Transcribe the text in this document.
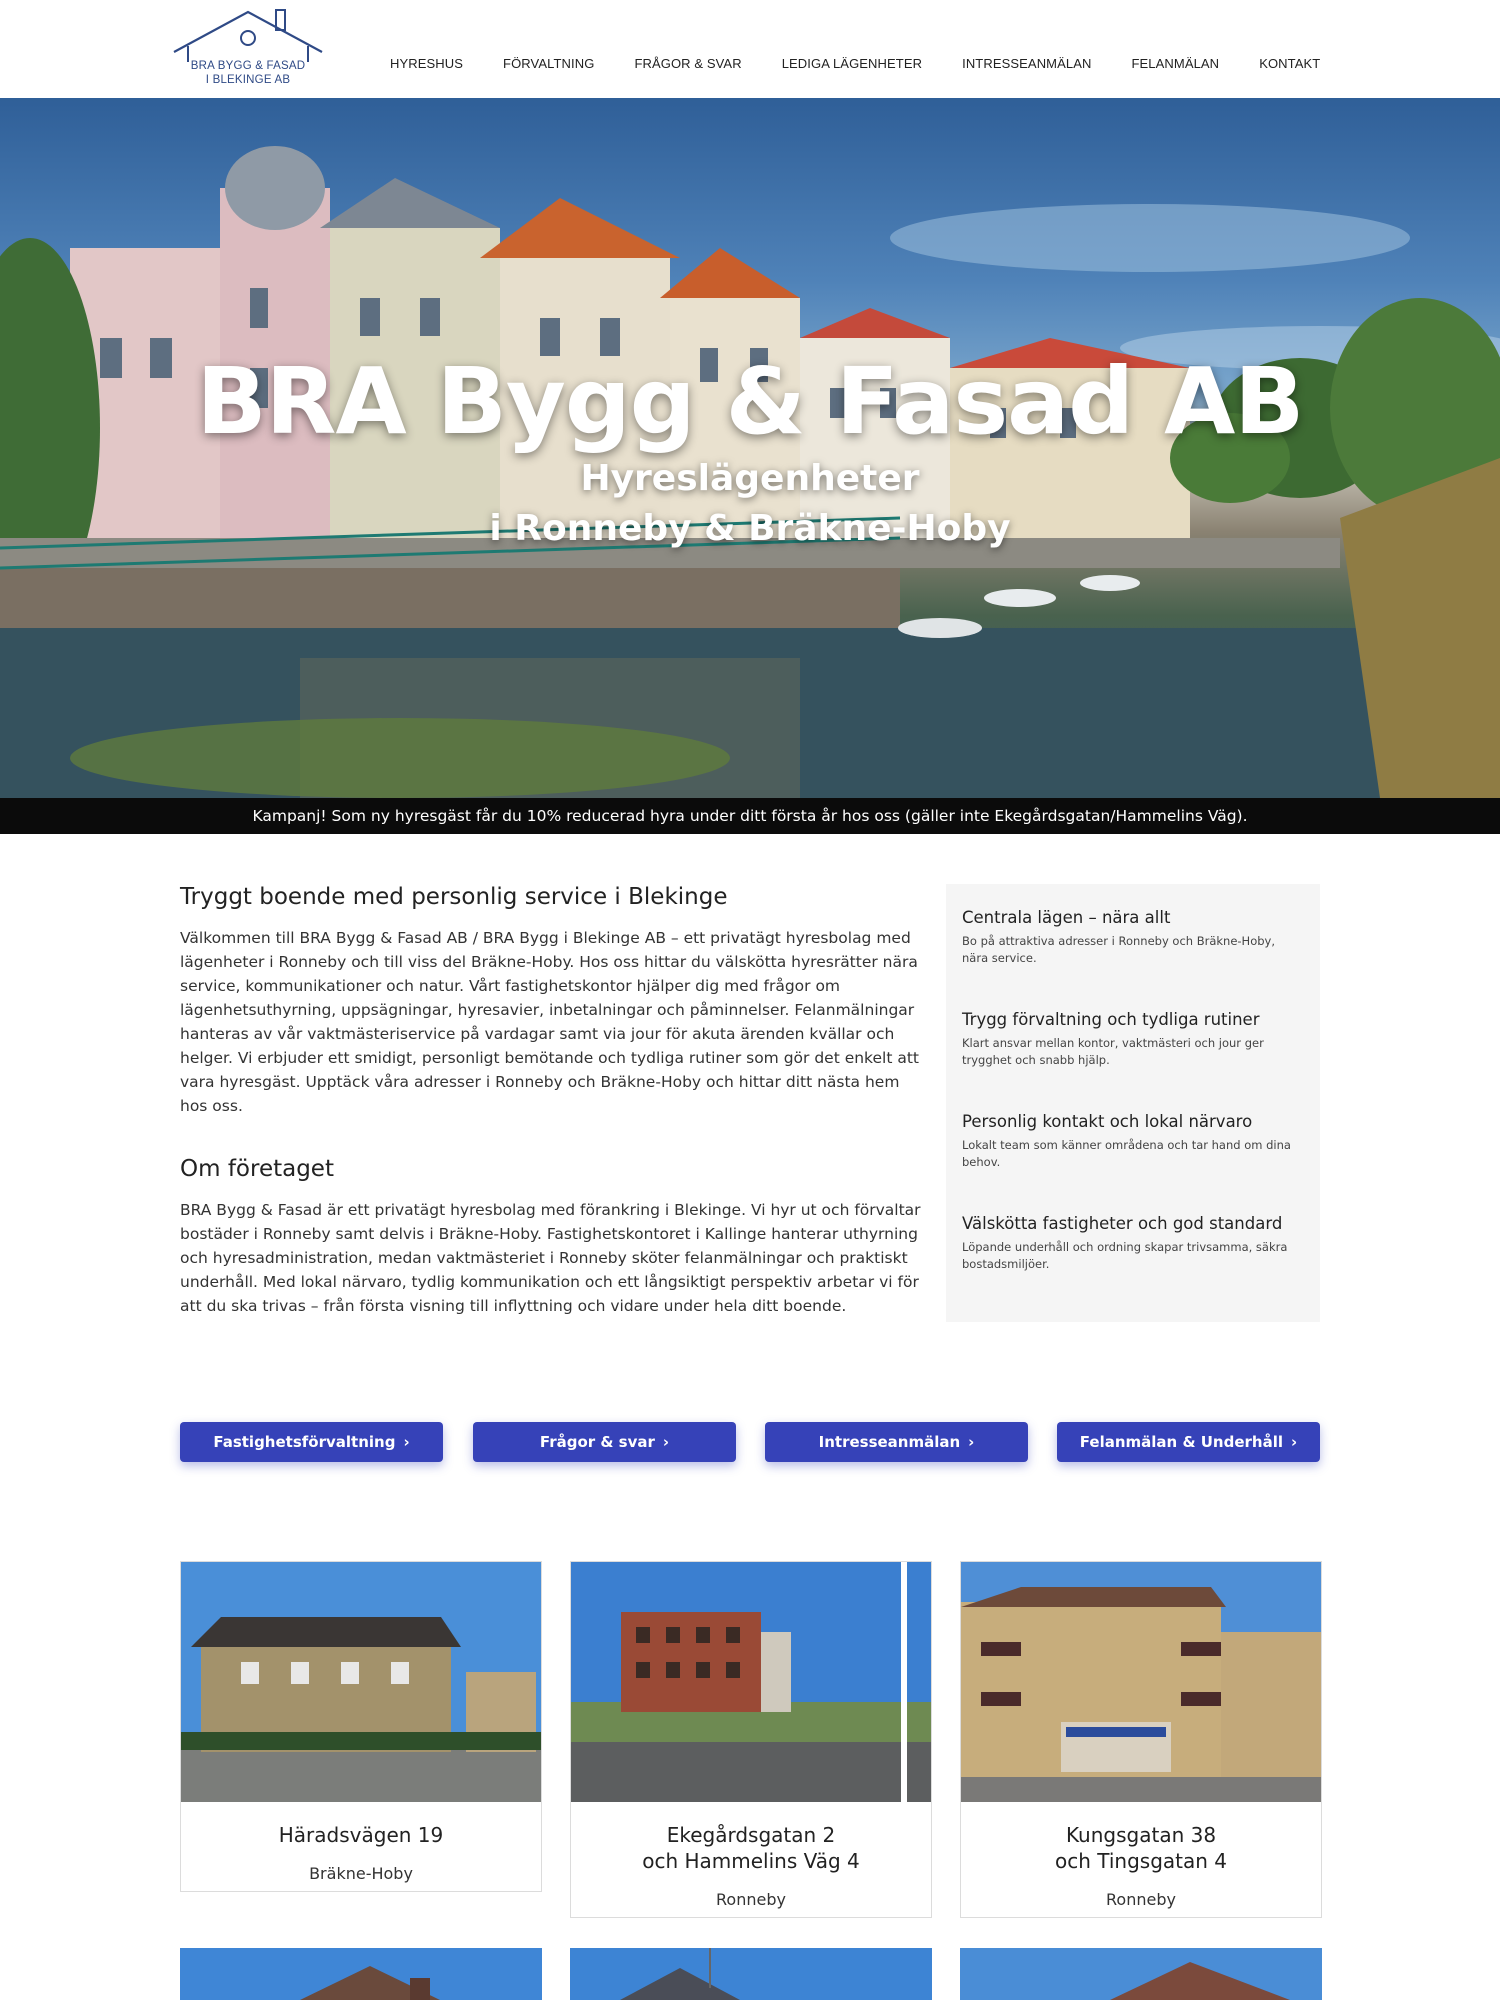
BRA BYGG & FASAD
I BLEKINGE AB
HYRESHUS	FÖRVALTNING	FRÅGOR & SVAR	LEDIGA LÄGENHETER	INTRESSEANMÄLAN	FELANMÄLAN	KONTAKT
BRA Bygg & Fasad AB
Hyreslägenheter
i Ronneby & Bräkne-Hoby
Kampanj! Som ny hyresgäst får du 10% reducerad hyra under ditt första år hos oss (gäller inte Ekegårdsgatan/Hammelins Väg).
Tryggt boende med personlig service i Blekinge

Välkommen till BRA Bygg & Fasad AB / BRA Bygg i Blekinge AB – ett privatägt hyresbolag med lägenheter i Ronneby och till viss del Bräkne-Hoby. Hos oss hittar du välskötta hyresrätter nära service, kommunikationer och natur. Vårt fastighetskontor hjälper dig med frågor om lägenhetsuthyrning, uppsägningar, hyresavier, inbetalningar och påminnelser. Felanmälningar hanteras av vår vaktmästeriservice på vardagar samt via jour för akuta ärenden kvällar och helger. Vi erbjuder ett smidigt, personligt bemötande och tydliga rutiner som gör det enkelt att vara hyresgäst. Upptäck våra adresser i Ronneby och Bräkne-Hoby och hittar ditt nästa hem hos oss.

Om företaget

BRA Bygg & Fasad är ett privatägt hyresbolag med förankring i Blekinge. Vi hyr ut och förvaltar bostäder i Ronneby samt delvis i Bräkne-Hoby. Fastighetskontoret i Kallinge hanterar uthyrning och hyresadministration, medan vaktmästeriet i Ronneby sköter felanmälningar och praktiskt underhåll. Med lokal närvaro, tydlig kommunikation och ett långsiktigt perspektiv arbetar vi för att du ska trivas – från första visning till inflyttning och vidare under hela ditt boende.

Centrala lägen – nära allt
Bo på attraktiva adresser i Ronneby och Bräkne-Hoby, nära service.
Trygg förvaltning och tydliga rutiner
Klart ansvar mellan kontor, vaktmästeri och jour ger trygghet och snabb hjälp.
Personlig kontakt och lokal närvaro
Lokalt team som känner områdena och tar hand om dina behov.
Välskötta fastigheter och god standard
Löpande underhåll och ordning skapar trivsamma, säkra bostadsmiljöer.
Fastighetsförvaltning ›	Frågor & svar ›	Intresseanmälan ›	Felanmälan & Underhåll ›
Häradsvägen 19
Bräkne-Hoby
Ekegårdsgatan 2
och Hammelins Väg 4
Ronneby
Kungsgatan 38
och Tingsgatan 4
Ronneby
